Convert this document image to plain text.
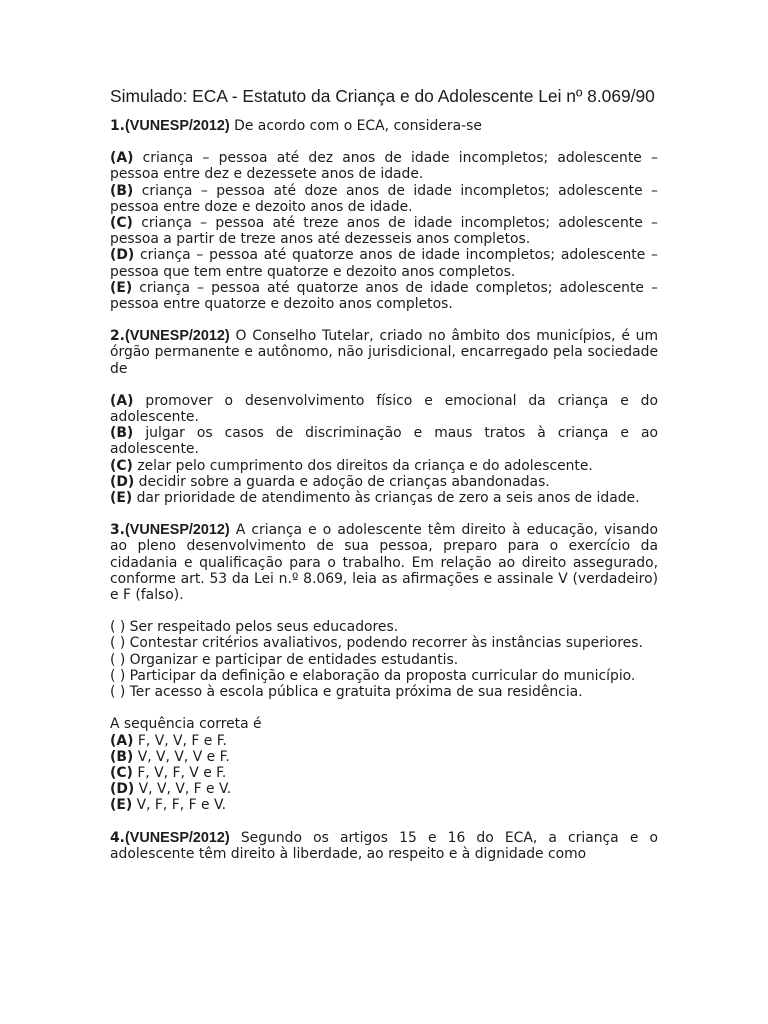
Simulado: ECA - Estatuto da Criança e do Adolescente Lei nº 8.069/90

1.(VUNESP/2012) De acordo com o ECA, considera-se

(A) criança – pessoa até dez anos de idade incompletos; adolescente – pessoa entre dez e dezessete anos de idade.

(B) criança – pessoa até doze anos de idade incompletos; adolescente – pessoa entre doze e dezoito anos de idade.

(C) criança – pessoa até treze anos de idade incompletos; adolescente – pessoa a partir de treze anos até dezesseis anos completos.

(D) criança – pessoa até quatorze anos de idade incompletos; adolescente – pessoa que tem entre quatorze e dezoito anos completos.

(E) criança – pessoa até quatorze anos de idade completos; adolescente – pessoa entre quatorze e dezoito anos completos.

2.(VUNESP/2012) O Conselho Tutelar, criado no âmbito dos municípios, é um órgão permanente e autônomo, não jurisdicional, encarregado pela sociedade de

(A) promover o desenvolvimento físico e emocional da criança e do adolescente.

(B) julgar os casos de discriminação e maus tratos à criança e ao adolescente.

(C) zelar pelo cumprimento dos direitos da criança e do adolescente.

(D) decidir sobre a guarda e adoção de crianças abandonadas.

(E) dar prioridade de atendimento às crianças de zero a seis anos de idade.

3.(VUNESP/2012) A criança e o adolescente têm direito à educação, visando ao pleno desenvolvimento de sua pessoa, preparo para o exercício da cidadania e qualificação para o trabalho. Em relação ao direito assegurado, conforme art. 53 da Lei n.º 8.069, leia as afirmações e assinale V (verdadeiro) e F (falso).

( ) Ser respeitado pelos seus educadores.

( ) Contestar critérios avaliativos, podendo recorrer às instâncias superiores.

( ) Organizar e participar de entidades estudantis.

( ) Participar da definição e elaboração da proposta curricular do município.

( ) Ter acesso à escola pública e gratuita próxima de sua residência.

A sequência correta é

(A) F, V, V, F e F.

(B) V, V, V, V e F.

(C) F, V, F, V e F.

(D) V, V, V, F e V.

(E) V, F, F, F e V.

4.(VUNESP/2012) Segundo os artigos 15 e 16 do ECA, a criança e o adolescente têm direito à liberdade, ao respeito e à dignidade como
